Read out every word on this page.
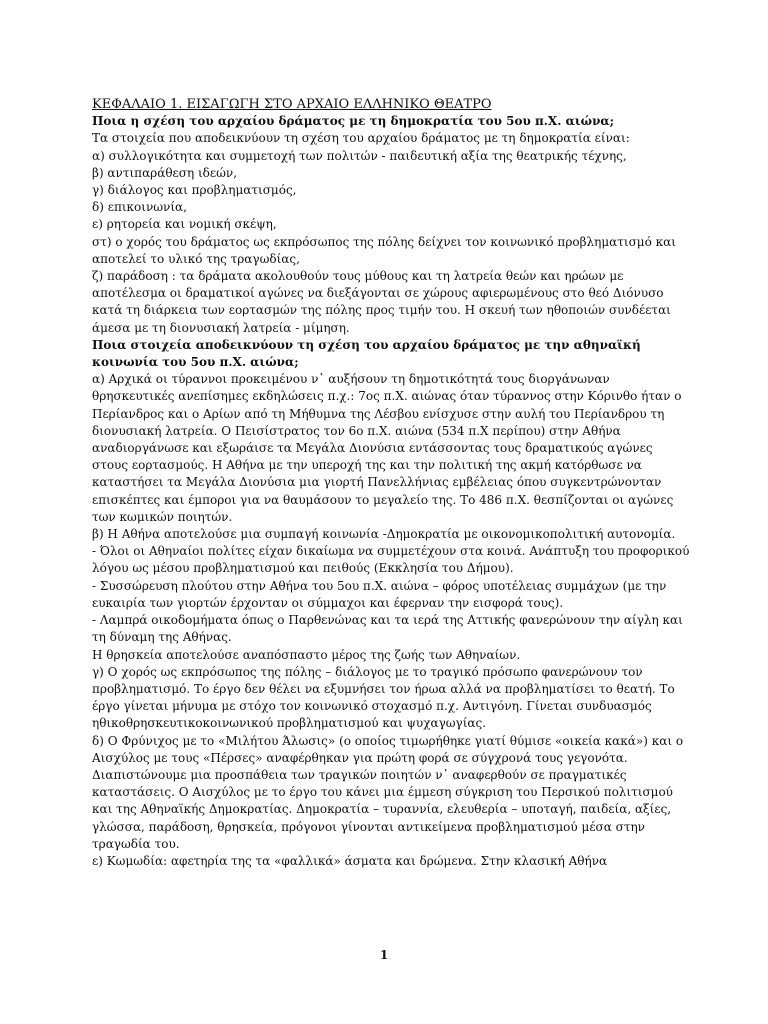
ΚΕΦΑΛΑΙΟ 1. ΕΙΣΑΓΩΓΗ ΣΤΟ ΑΡΧΑΙΟ ΕΛΛΗΝΙΚΟ ΘΕΑΤΡΟ

Ποια η σχέση του αρχαίου δράματος με τη δημοκρατία του 5ου π.Χ. αιώνα;

Τα στοιχεία που αποδεικνύουν τη σχέση του αρχαίου δράματος με τη δημοκρατία είναι:

α) συλλογικότητα και συμμετοχή των πολιτών - παιδευτική αξία της θεατρικής τέχνης,

β) αντιπαράθεση ιδεών,

γ) διάλογος και προβληματισμός,

δ) επικοινωνία,

ε) ρητορεία και νομική σκέψη,

στ) ο χορός του δράματος ως εκπρόσωπος της πόλης δείχνει τον κοινωνικό προβληματισμό και αποτελεί το υλικό της τραγωδίας,

ζ) παράδοση : τα δράματα ακολουθούν τους μύθους και τη λατρεία θεών και ηρώων με αποτέλεσμα οι δραματικοί αγώνες να διεξάγονται σε χώρους αφιερωμένους στο θεό Διόνυσο κατά τη διάρκεια των εορτασμών της πόλης προς τιμήν του. Η σκευή των ηθοποιών συνδέεται άμεσα με τη διονυσιακή λατρεία - μίμηση.

Ποια στοιχεία αποδεικνύουν τη σχέση του αρχαίου δράματος με την αθηναϊκή κοινωνία του 5ου π.Χ. αιώνα;

α) Αρχικά οι τύραννοι προκειμένου ν᾽ αυξήσουν τη δημοτικότητά τους διοργάνωναν θρησκευτικές ανεπίσημες εκδηλώσεις π.χ.: 7ος π.Χ. αιώνας όταν τύραννος στην Κόρινθο ήταν ο Περίανδρος και ο Αρίων από τη Μήθυμνα της Λέσβου ενίσχυσε στην αυλή του Περίανδρου τη διονυσιακή λατρεία. Ο Πεισίστρατος τον 6ο π.Χ. αιώνα (534 π.Χ περίπου) στην Αθήνα αναδιοργάνωσε και εξωράισε τα Μεγάλα Διονύσια εντάσσοντας τους δραματικούς αγώνες στους εορτασμούς. Η Αθήνα με την υπεροχή της και την πολιτική της ακμή κατόρθωσε να καταστήσει τα Μεγάλα Διονύσια μια γιορτή Πανελλήνιας εμβέλειας όπου συγκεντρώνονταν επισκέπτες και έμποροι για να θαυμάσουν το μεγαλείο της. Το 486 π.Χ. θεσπίζονται οι αγώνες των κωμικών ποιητών.

β) Η Αθήνα αποτελούσε μια συμπαγή κοινωνία -Δημοκρατία με οικονομικοπολιτική αυτονομία.

- Όλοι οι Αθηναίοι πολίτες είχαν δικαίωμα να συμμετέχουν στα κοινά. Ανάπτυξη του προφορικού λόγου ως μέσου προβληματισμού και πειθούς (Εκκλησία του Δήμου).

- Συσσώρευση πλούτου στην Αθήνα του 5ου π.Χ. αιώνα – φόρος υποτέλειας συμμάχων (με την ευκαιρία των γιορτών έρχονταν οι σύμμαχοι και έφερναν την εισφορά τους).

- Λαμπρά οικοδομήματα όπως ο Παρθενώνας και τα ιερά της Αττικής φανερώνουν την αίγλη και τη δύναμη της Αθήνας.

Η θρησκεία αποτελούσε αναπόσπαστο μέρος της ζωής των Αθηναίων.

γ) Ο χορός ως εκπρόσωπος της πόλης – διάλογος με το τραγικό πρόσωπο φανερώνουν τον προβληματισμό. Το έργο δεν θέλει να εξυμνήσει τον ήρωα αλλά να προβληματίσει το θεατή. Το έργο γίνεται μήνυμα με στόχο τον κοινωνικό στοχασμό π.χ. Αντιγόνη. Γίνεται συνδυασμός ηθικοθρησκευτικοκοινωνικού προβληματισμού και ψυχαγωγίας.

δ) Ο Φρύνιχος με το «Μιλήτου Άλωσις» (ο οποίος τιμωρήθηκε γιατί θύμισε «οικεία κακά») και ο Αισχύλος με τους «Πέρσες» αναφέρθηκαν για πρώτη φορά σε σύγχρονά τους γεγονότα. Διαπιστώνουμε μια προσπάθεια των τραγικών ποιητών ν᾽ αναφερθούν σε πραγματικές καταστάσεις. Ο Αισχύλος με το έργο του κάνει μια έμμεση σύγκριση του Περσικού πολιτισμού και της Αθηναϊκής Δημοκρατίας. Δημοκρατία – τυραννία, ελευθερία – υποταγή, παιδεία, αξίες, γλώσσα, παράδοση, θρησκεία, πρόγονοι γίνονται αντικείμενα προβληματισμού μέσα στην τραγωδία του.

ε) Κωμωδία: αφετηρία της τα «φαλλικά» άσματα και δρώμενα. Στην κλασική Αθήνα

1
